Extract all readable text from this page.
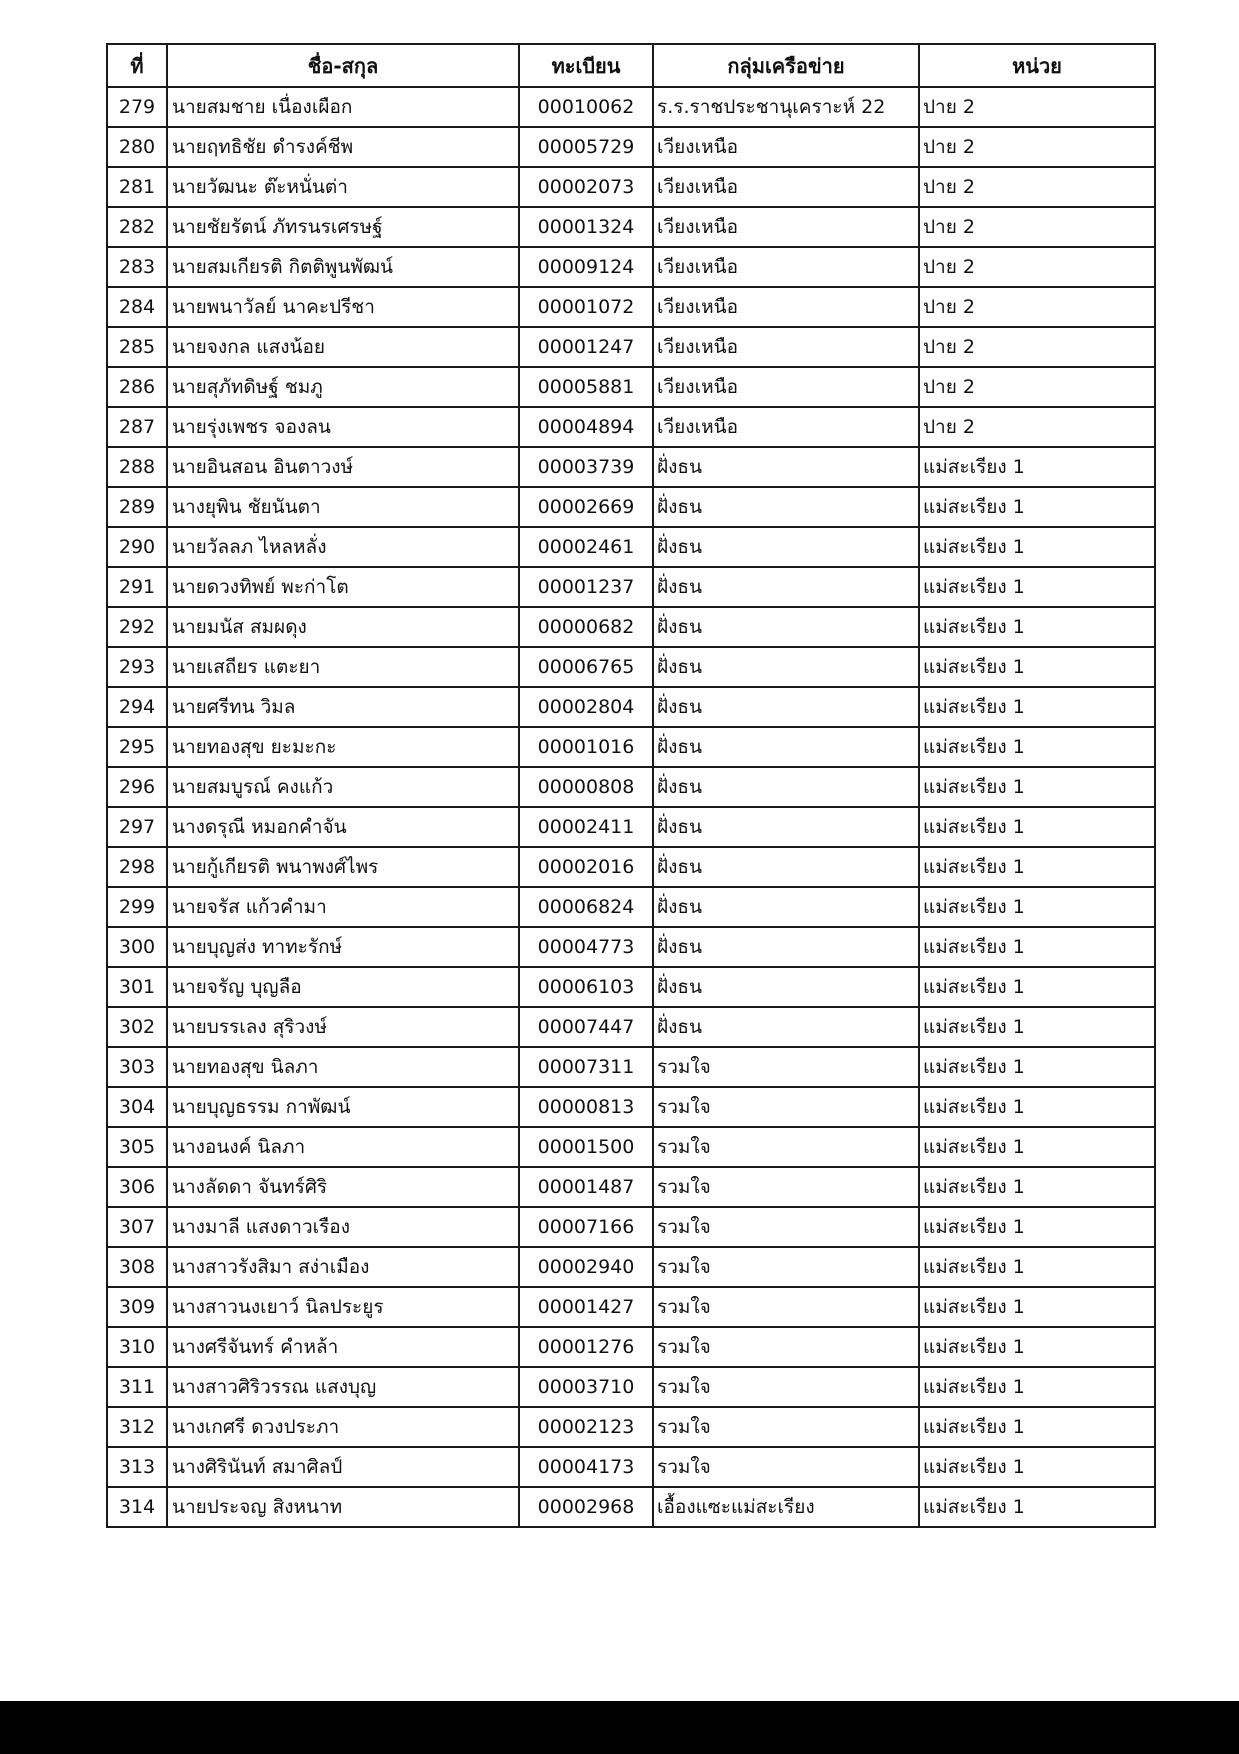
ที่	ชื่อ-สกุล	ทะเบียน	กลุ่มเครือข่าย	หน่วย
279	นายสมชาย เนื่องเผือก	00010062	ร.ร.ราชประชานุเคราะห์ 22	ปาย 2
280	นายฤทธิชัย ดำรงค์ชีพ	00005729	เวียงเหนือ	ปาย 2
281	นายวัฒนะ ต๊ะหนั่นต่า	00002073	เวียงเหนือ	ปาย 2
282	นายชัยรัตน์ ภัทรนรเศรษฐ์	00001324	เวียงเหนือ	ปาย 2
283	นายสมเกียรติ กิตติพูนพัฒน์	00009124	เวียงเหนือ	ปาย 2
284	นายพนาวัลย์ นาคะปรีชา	00001072	เวียงเหนือ	ปาย 2
285	นายจงกล แสงน้อย	00001247	เวียงเหนือ	ปาย 2
286	นายสุภัทดิษฐ์ ชมภู	00005881	เวียงเหนือ	ปาย 2
287	นายรุ่งเพชร จองลน	00004894	เวียงเหนือ	ปาย 2
288	นายอินสอน อินตาวงษ์	00003739	ฝั่งธน	แม่สะเรียง 1
289	นางยุพิน ชัยนันตา	00002669	ฝั่งธน	แม่สะเรียง 1
290	นายวัลลภ ไหลหลั่ง	00002461	ฝั่งธน	แม่สะเรียง 1
291	นายดวงทิพย์ พะก่าโต	00001237	ฝั่งธน	แม่สะเรียง 1
292	นายมนัส สมผดุง	00000682	ฝั่งธน	แม่สะเรียง 1
293	นายเสถียร แตะยา	00006765	ฝั่งธน	แม่สะเรียง 1
294	นายศรีทน วิมล	00002804	ฝั่งธน	แม่สะเรียง 1
295	นายทองสุข ยะมะกะ	00001016	ฝั่งธน	แม่สะเรียง 1
296	นายสมบูรณ์ คงแก้ว	00000808	ฝั่งธน	แม่สะเรียง 1
297	นางดรุณี หมอกคำจัน	00002411	ฝั่งธน	แม่สะเรียง 1
298	นายกู้เกียรติ พนาพงศ์ไพร	00002016	ฝั่งธน	แม่สะเรียง 1
299	นายจรัส แก้วคำมา	00006824	ฝั่งธน	แม่สะเรียง 1
300	นายบุญส่ง ทาทะรักษ์	00004773	ฝั่งธน	แม่สะเรียง 1
301	นายจรัญ บุญลือ	00006103	ฝั่งธน	แม่สะเรียง 1
302	นายบรรเลง สุริวงษ์	00007447	ฝั่งธน	แม่สะเรียง 1
303	นายทองสุข นิลภา	00007311	รวมใจ	แม่สะเรียง 1
304	นายบุญธรรม กาพัฒน์	00000813	รวมใจ	แม่สะเรียง 1
305	นางอนงค์ นิลภา	00001500	รวมใจ	แม่สะเรียง 1
306	นางลัดดา จันทร์ศิริ	00001487	รวมใจ	แม่สะเรียง 1
307	นางมาลี แสงดาวเรือง	00007166	รวมใจ	แม่สะเรียง 1
308	นางสาวรังสิมา สง่าเมือง	00002940	รวมใจ	แม่สะเรียง 1
309	นางสาวนงเยาว์ นิลประยูร	00001427	รวมใจ	แม่สะเรียง 1
310	นางศรีจันทร์ คำหล้า	00001276	รวมใจ	แม่สะเรียง 1
311	นางสาวศิริวรรณ แสงบุญ	00003710	รวมใจ	แม่สะเรียง 1
312	นางเกศรี ดวงประภา	00002123	รวมใจ	แม่สะเรียง 1
313	นางศิรินันท์ สมาศิลป์	00004173	รวมใจ	แม่สะเรียง 1
314	นายประจญ สิงหนาท	00002968	เอื้องแซะแม่สะเรียง	แม่สะเรียง 1
